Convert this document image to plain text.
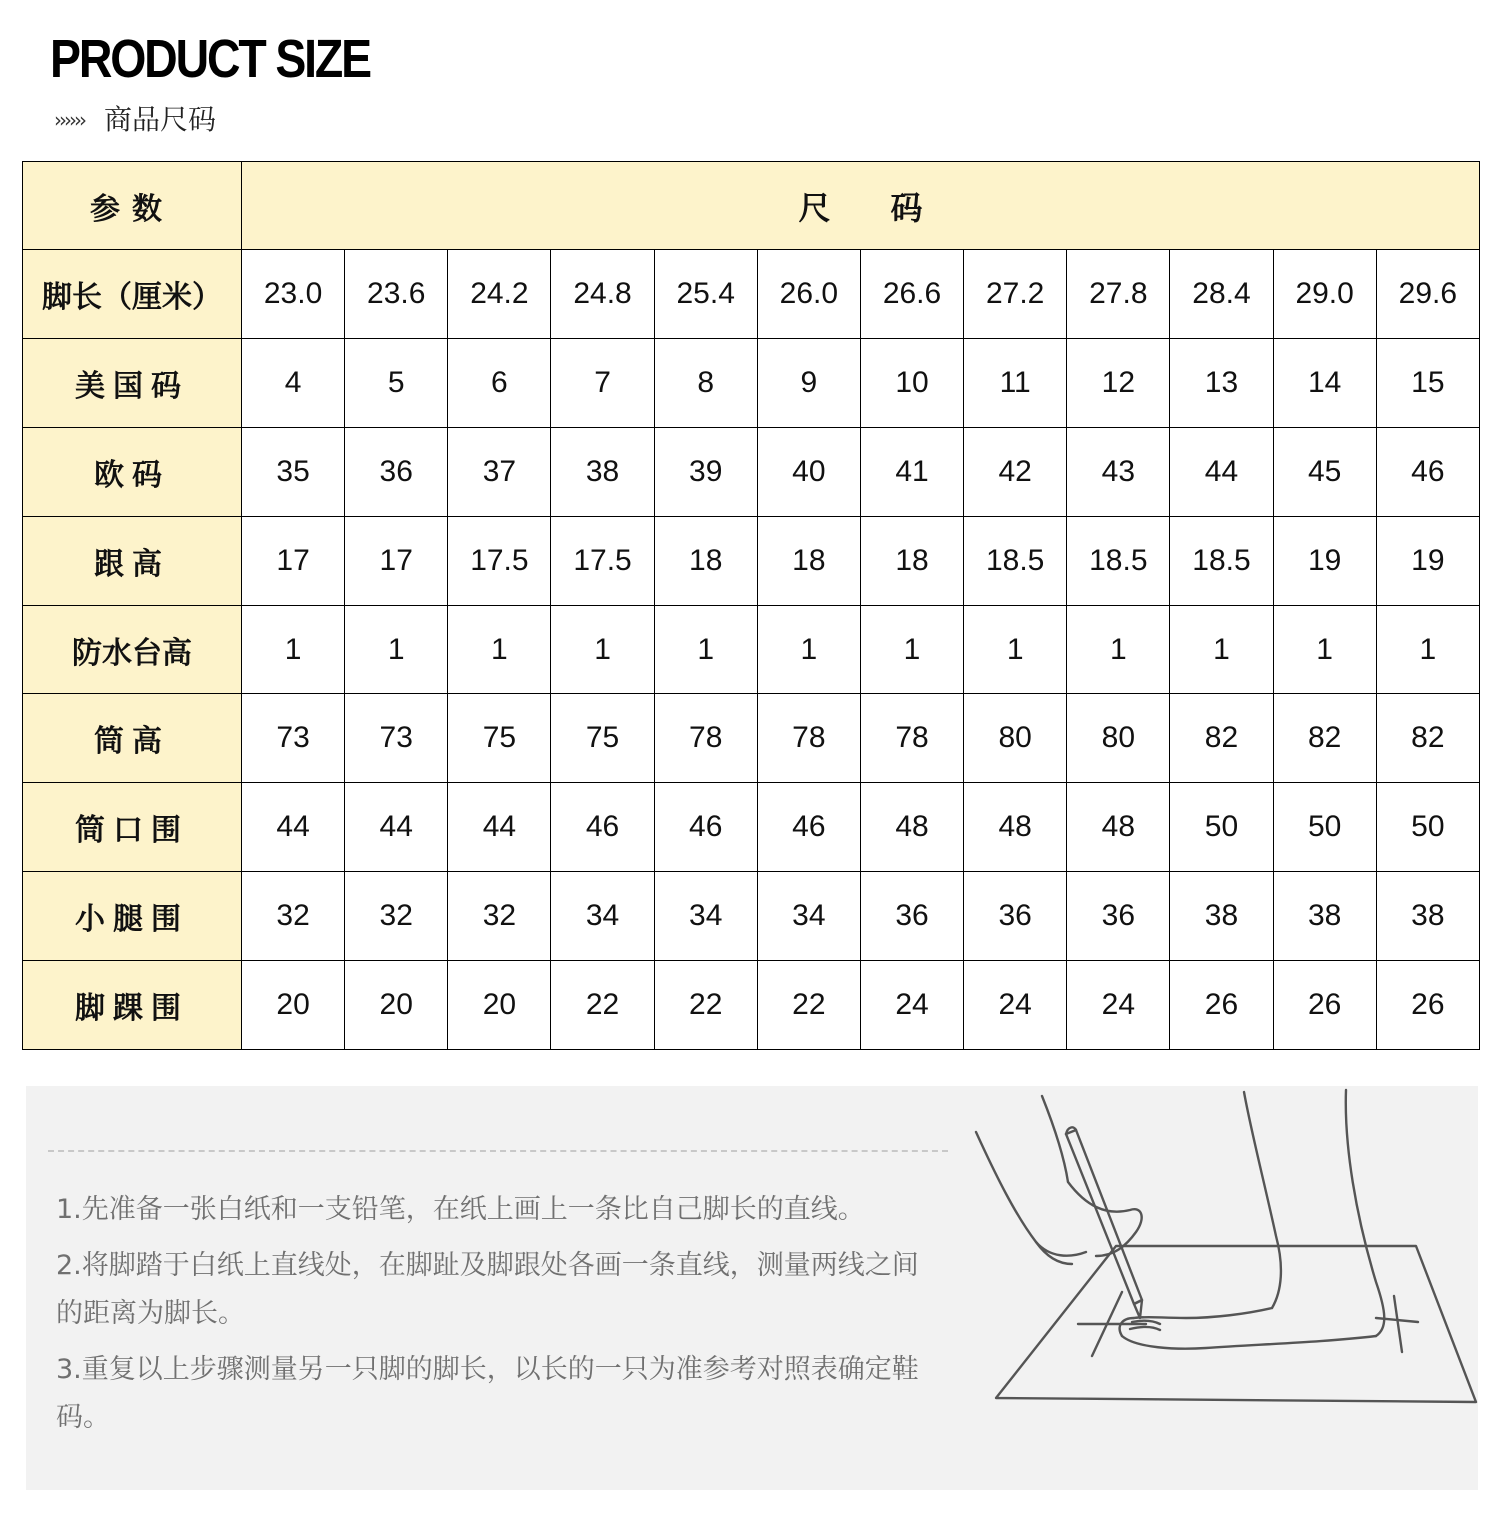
PRODUCT SIZE
›››››› 商品尺码
参数	尺码											
脚长（厘米）	23.0	23.6	24.2	24.8	25.4	26.0	26.6	27.2	27.8	28.4	29.0	29.6
美国码	4	5	6	7	8	9	10	11	12	13	14	15
欧码	35	36	37	38	39	40	41	42	43	44	45	46
跟高	17	17	17.5	17.5	18	18	18	18.5	18.5	18.5	19	19
防水台高	1	1	1	1	1	1	1	1	1	1	1	1
筒高	73	73	75	75	78	78	78	80	80	82	82	82
筒口围	44	44	44	46	46	46	48	48	48	50	50	50
小腿围	32	32	32	34	34	34	36	36	36	38	38	38
脚踝围	20	20	20	22	22	22	24	24	24	26	26	26

1.先准备一张白纸和一支铅笔，在纸上画上一条比自己脚长的直线。

2.将脚踏于白纸上直线处，在脚趾及脚跟处各画一条直线，测量两线之间的距离为脚长。

3.重复以上步骤测量另一只脚的脚长，以长的一只为准参考对照表确定鞋码。
